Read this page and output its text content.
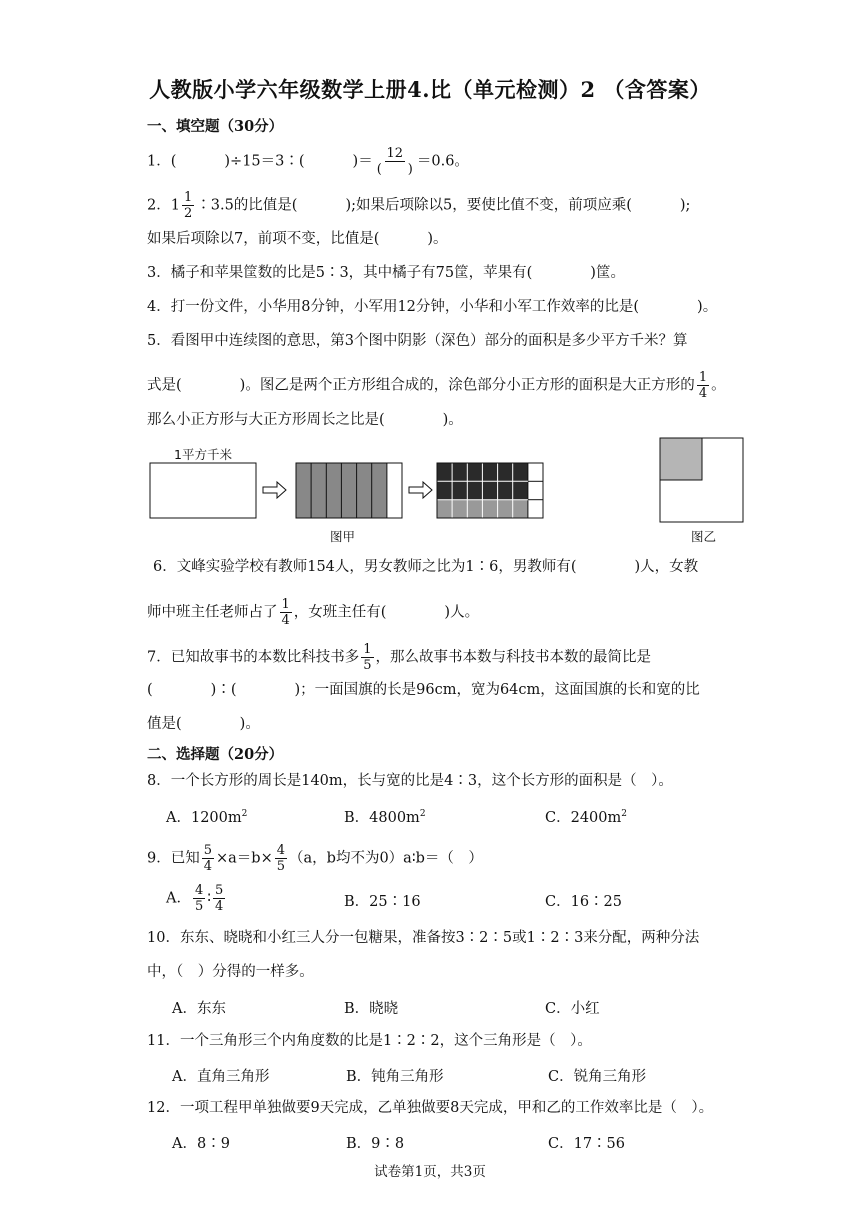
人教版小学六年级数学上册4.比（单元检测）2 （含答案）
一、填空题（30分）
1．(	)÷15＝3∶(	)＝ $\frac{12}{( )} =0.6$。
2．$1 \frac{1}{2}$ ∶3.5的比值是(	);如果后项除以5，要使比值不变，前项应乘(	);
如果后项除以7，前项不变，比值是(	)。
3．橘子和苹果筐数的比是5∶3，其中橘子有75筐，苹果有(　　　　)筐。
4．打一份文件，小华用8分钟，小军用12分钟，小华和小军工作效率的比是(　　　　)。
5．看图甲中连续图的意思，第3个图中阴影（深色）部分的面积是多少平方千米？算
式是(　　　　)。图乙是两个正方形组合成的，涂色部分小正方形的面积是大正方形的 $\frac{1}{4}$ 。
那么小正方形与大正方形周长之比是(　　　　)。
1平方千米
图甲	图乙
6．文峰实验学校有教师154人，男女教师之比为1∶6，男教师有(　　　　)人，女教
师中班主任老师占了 $\frac{1}{4}$ ，女班主任有(　　　　)人。
7．已知故事书的本数比科技书多 $\frac{1}{5}$ ，那么故事书本数与科技书本数的最简比是
(　　　　)∶(　　　　)；一面国旗的长是96cm，宽为64cm，这面国旗的长和宽的比
值是(　　　　)。
二、选择题（20分）
8．一个长方形的周长是140m，长与宽的比是4∶3，这个长方形的面积是（　）。
A．$1200m^2$	B．$4800m^2$	C．$2400m^2$
9．已知 $\frac{5}{4} \times a=b\times \frac{4}{5} (a$，b均不为0）a∶b＝（　）
A． $\frac{4}{5}$ ∶ $\frac{5}{4}$	B．25∶16	C．16∶25
10．东东、晓晓和小红三人分一包糖果，准备按3∶2∶5或1∶2∶3来分配，两种分法
中，（　）分得的一样多。
A．东东	B．晓晓	C．小红
11．一个三角形三个内角度数的比是1∶2∶2，这个三角形是（　）。
A．直角三角形	B．钝角三角形	C．锐角三角形
12．一项工程甲单独做要9天完成，乙单独做要8天完成，甲和乙的工作效率比是（　）。
A．8∶9	B．9∶8	C．17∶56
试卷第1页，共3页
